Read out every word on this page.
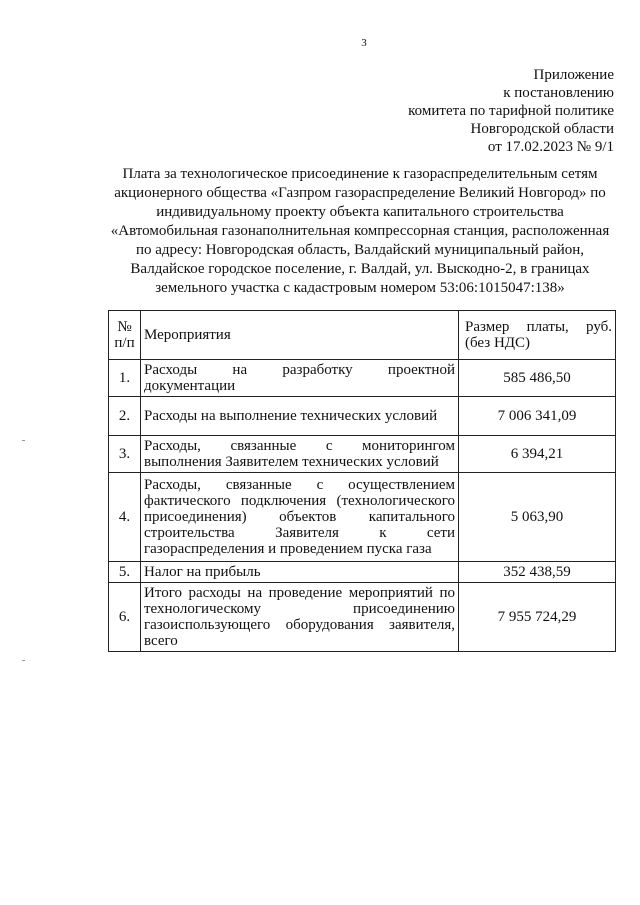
3
Приложение
к постановлению
комитета по тарифной политике
Новгородской области
от 17.02.2023 № 9/1
Плата за технологическое присоединение к газораспределительным сетям
акционерного общества «Газпром газораспределение Великий Новгород» по
индивидуальному проекту объекта капитального строительства
«Автомобильная газонаполнительная компрессорная станция, расположенная
по адресу: Новгородская область, Валдайский муниципальный район,
Валдайское городское поселение, г. Валдай, ул. Выскодно-2, в границах
земельного участка с кадастровым номером 53:06:1015047:138»
№ п/п	Мероприятия	Размер платы, руб. (без НДС)
1.	Расходы на разработку проектной документации	585 486,50
2.	Расходы на выполнение технических условий	7 006 341,09
3.	Расходы, связанные с мониторингом выполнения Заявителем технических условий	6 394,21
4.	Расходы, связанные с осуществлением фактического подключения (технологического присоединения) объектов капитального строительства Заявителя к сети газораспределения и проведением пуска газа	5 063,90
5.	Налог на прибыль	352 438,59
6.	Итого расходы на проведение мероприятий по технологическому присоединению газоиспользующего оборудования заявителя, всего	7 955 724,29
